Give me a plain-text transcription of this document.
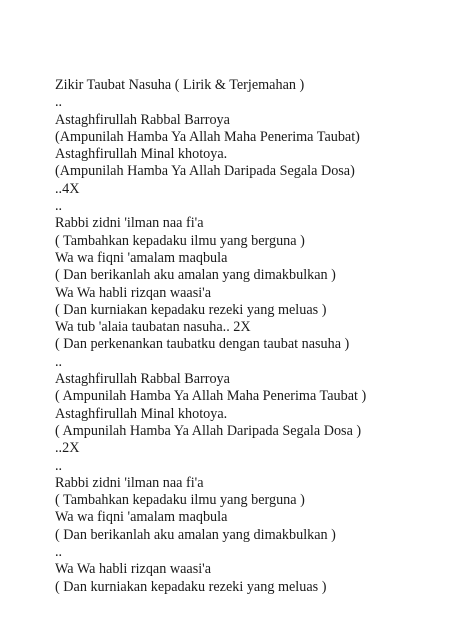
Zikir Taubat Nasuha ( Lirik & Terjemahan )
..
Astaghfirullah Rabbal Barroya
(Ampunilah Hamba Ya Allah Maha Penerima Taubat)
Astaghfirullah Minal khotoya.
(Ampunilah Hamba Ya Allah Daripada Segala Dosa)
..4X
..
Rabbi zidni 'ilman naa fi'a
( Tambahkan kepadaku ilmu yang berguna )
Wa wa fiqni 'amalam maqbula
( Dan berikanlah aku amalan yang dimakbulkan )
Wa Wa habli rizqan waasi'a
( Dan kurniakan kepadaku rezeki yang meluas )
Wa tub 'alaia taubatan nasuha.. 2X
( Dan perkenankan taubatku dengan taubat nasuha )
..
Astaghfirullah Rabbal Barroya
( Ampunilah Hamba Ya Allah Maha Penerima Taubat )
Astaghfirullah Minal khotoya.
( Ampunilah Hamba Ya Allah Daripada Segala Dosa )
..2X
..
Rabbi zidni 'ilman naa fi'a
( Tambahkan kepadaku ilmu yang berguna )
Wa wa fiqni 'amalam maqbula
( Dan berikanlah aku amalan yang dimakbulkan )
..
Wa Wa habli rizqan waasi'a
( Dan kurniakan kepadaku rezeki yang meluas )
